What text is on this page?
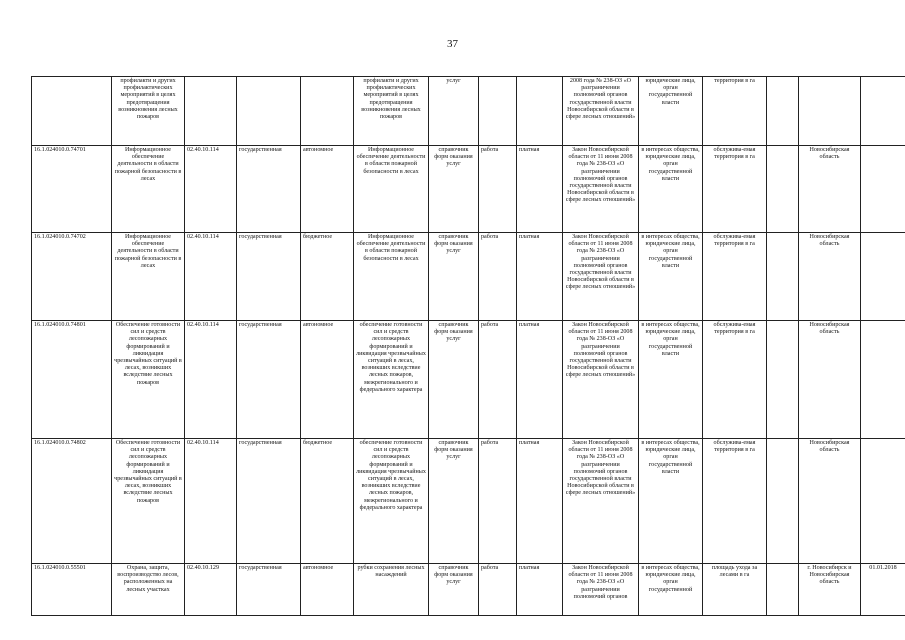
37
	профилакти и других профилактических мероприятий в целях предотвращения возникновения лесных пожаров				профилакти и других профилактических мероприятий в целях предотвращения возникновения лесных пожаров	услуг			2008 года № 238-ОЗ «О разграничении полномочий органов государственной власти Новосибирской области в сфере лесных отношений»	юридические лица, орган государственной власти	территория в га			
16.1.024010.0.74701	Информационное обеспечение деятельности в области пожарной безопасности в лесах	02.40.10.114	государственная	автономное	Информационное обеспечение деятельности в области пожарной безопасности в лесах	справочник форм оказания услуг	работа	платная	Закон Новосибирской области от 11 июня 2008 года № 238-ОЗ «О разграничении полномочий органов государственной власти Новосибирской области в сфере лесных отношений»	в интересах общества, юридические лица, орган государственной власти	обслужива-емая территория в га		Новосибирская область	
16.1.024010.0.74702	Информационное обеспечение деятельности в области пожарной безопасности в лесах	02.40.10.114	государственная	бюджетное	Информационное обеспечение деятельности в области пожарной безопасности в лесах	справочник форм оказания услуг	работа	платная	Закон Новосибирской области от 11 июня 2008 года № 238-ОЗ «О разграничении полномочий органов государственной власти Новосибирской области в сфере лесных отношений»	в интересах общества, юридические лица, орган государственной власти	обслужива-емая территория в га		Новосибирская область	
16.1.024010.0.74801	Обеспечение готовности сил и средств лесопожарных формирований и ликвидация чрезвычайных ситуаций в лесах, возникших вследствие лесных пожаров	02.40.10.114	государственная	автономное	обеспечение готовности сил и средств лесопожарных формирований и ликвидация чрезвычайных ситуаций в лесах, возникших вследствие лесных пожаров, межрегионального и федерального характера	справочник форм оказания услуг	работа	платная	Закон Новосибирской области от 11 июня 2008 года № 238-ОЗ «О разграничении полномочий органов государственной власти Новосибирской области в сфере лесных отношений»	в интересах общества, юридические лица, орган государственной власти	обслужива-емая территория в га		Новосибирская область	
16.1.024010.0.74802	Обеспечение готовности сил и средств лесопожарных формирований и ликвидация чрезвычайных ситуаций в лесах, возникших вследствие лесных пожаров	02.40.10.114	государственная	бюджетное	обеспечение готовности сил и средств лесопожарных формирований и ликвидация чрезвычайных ситуаций в лесах, возникших вследствие лесных пожаров, межрегионального и федерального характера	справочник форм оказания услуг	работа	платная	Закон Новосибирской области от 11 июня 2008 года № 238-ОЗ «О разграничении полномочий органов государственной власти Новосибирской области в сфере лесных отношений»	в интересах общества, юридические лица, орган государственной власти	обслужива-емая территория в га		Новосибирская область	
16.1.024010.0.55501	Охрана, защита, воспроизводство лесов, расположенных на лесных участках	02.40.10.129	государственная	автономное	рубки сохранения лесных насаждений	справочник форм оказания услуг	работа	платная	Закон Новосибирской области от 11 июня 2008 года № 238-ОЗ «О разграничении полномочий органов	в интересах общества, юридические лица, орган государственной	площадь ухода за лесами в га		г. Новосибирск и Новосибирская область	01.01.2018
